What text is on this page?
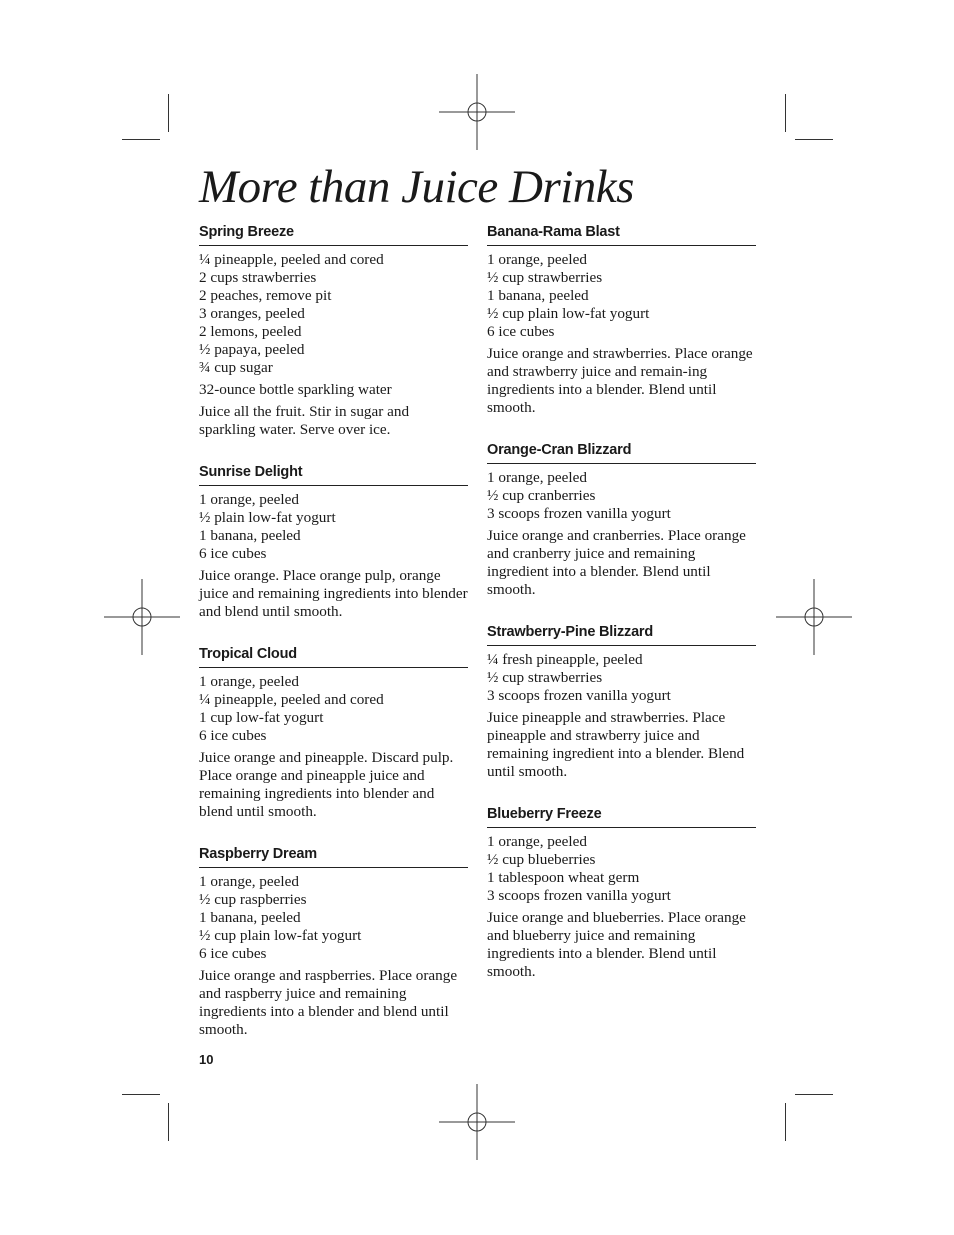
More than Juice Drinks
Spring Breeze
¼ pineapple, peeled and cored
2 cups strawberries
2 peaches, remove pit
3 oranges, peeled
2 lemons, peeled
½ papaya, peeled
¾ cup sugar
32-ounce bottle sparkling water

Juice all the fruit. Stir in sugar and sparkling water. Serve over ice.

Sunrise Delight
1 orange, peeled
½ plain low-fat yogurt
1 banana, peeled
6 ice cubes

Juice orange. Place orange pulp, orange juice and remaining ingredients into blender and blend until smooth.

Tropical Cloud
1 orange, peeled
¼ pineapple, peeled and cored
1 cup low-fat yogurt
6 ice cubes

Juice orange and pineapple. Discard pulp. Place orange and pineapple juice and remaining ingredients into blender and blend until smooth.

Raspberry Dream
1 orange, peeled
½ cup raspberries
1 banana, peeled
½ cup plain low-fat yogurt
6 ice cubes

Juice orange and raspberries. Place orange and raspberry juice and remaining ingredients into a blender and blend until smooth.

Banana-Rama Blast
1 orange, peeled
½ cup strawberries
1 banana, peeled
½ cup plain low-fat yogurt
6 ice cubes

Juice orange and strawberries. Place orange and strawberry juice and remain-ing ingredients into a blender. Blend until smooth.

Orange-Cran Blizzard
1 orange, peeled
½ cup cranberries
3 scoops frozen vanilla yogurt

Juice orange and cranberries. Place orange and cranberry juice and remaining ingredient into a blender. Blend until smooth.

Strawberry-Pine Blizzard
¼ fresh pineapple, peeled
½ cup strawberries
3 scoops frozen vanilla yogurt

Juice pineapple and strawberries. Place pineapple and strawberry juice and remaining ingredient into a blender. Blend until smooth.

Blueberry Freeze
1 orange, peeled
½ cup blueberries
1 tablespoon wheat germ
3 scoops frozen vanilla yogurt

Juice orange and blueberries. Place orange and blueberry juice and remaining ingredients into a blender. Blend until smooth.

10
